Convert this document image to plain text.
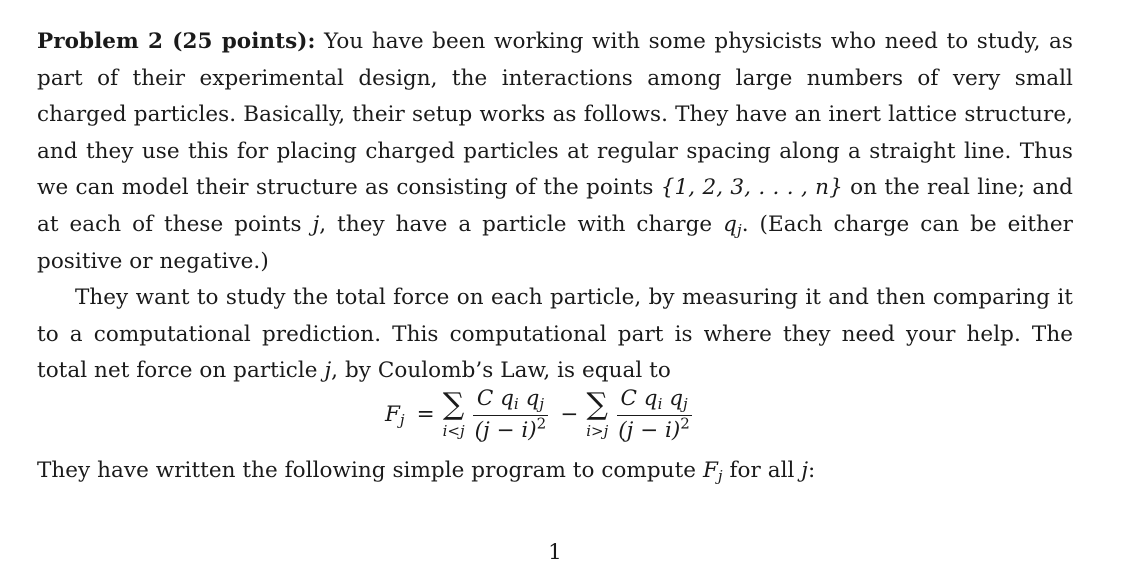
Problem 2 (25 points): You have been working with some physicists who need to study, as part of their experimental design, the interactions among large numbers of very small charged particles. Basically, their setup works as follows. They have an inert lattice structure, and they use this for placing charged particles at regular spacing along a straight line. Thus we can model their structure as consisting of the points {1, 2, 3, . . . , n} on the real line; and at each of these points j, they have a particle with charge $q_j$. (Each charge can be either positive or negative.)

They want to study the total force on each particle, by measuring it and then comparing it to a computational prediction. This computational part is where they need your help. The total net force on particle j, by Coulomb’s Law, is equal to

$F_j$ = ∑
$i<j \frac{C q_i q_j}{(j - i)^2}$ − ∑
$i>j \frac{C q_i q_j}{(j - i)^2}$

They have written the following simple program to compute $F_j$ for all j:

1
